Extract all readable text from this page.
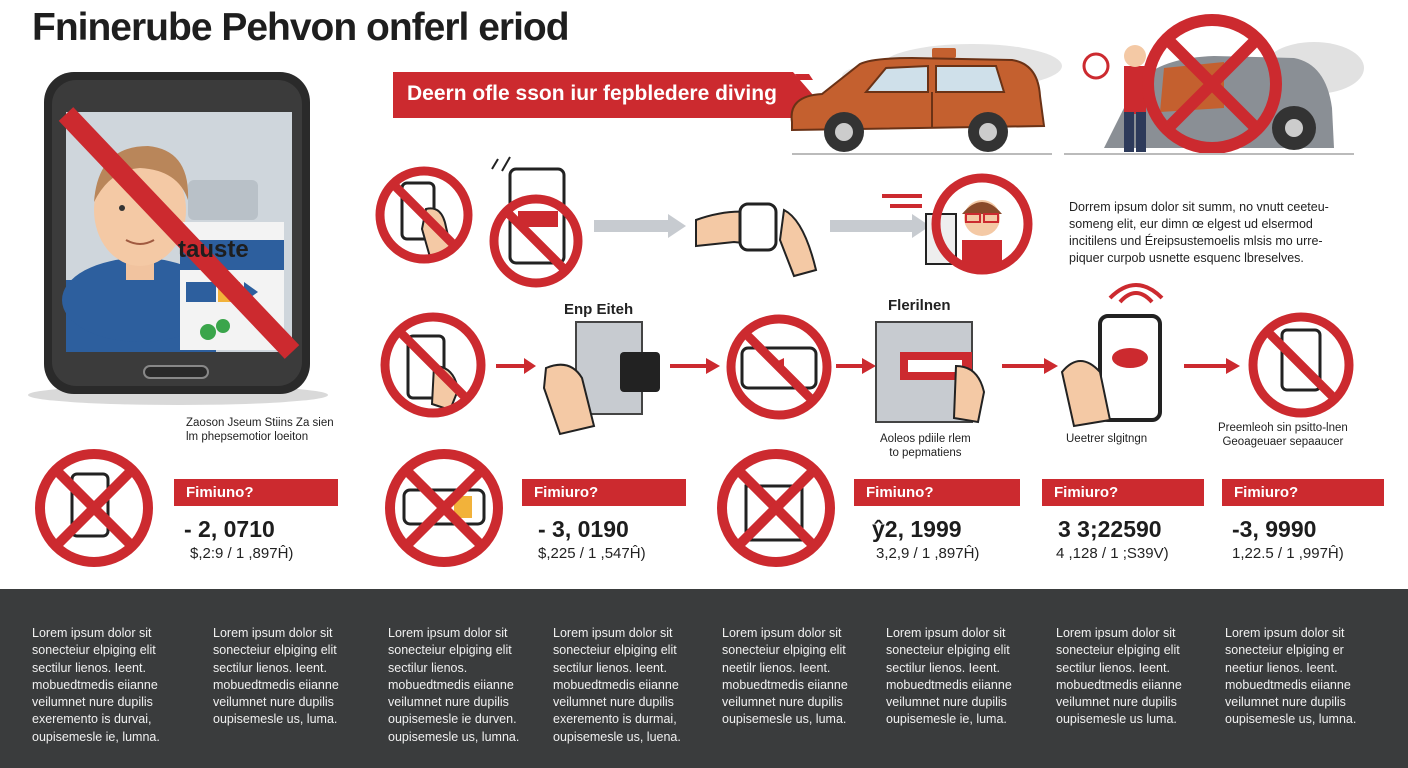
Fninerube Pehvon onferl eriod
Deern ofle sson iur fepbledere diving
tauste
Zaoson Jseum Stiins Za sien
lm phepsemotior loeiton
Dorrem ipsum dolor sit summ, no vnutt ceeteu-
someng elit, eur dimn œ elgest ud elsermod
incitilens und Éreipsustemoelis mlsis mo urre-
piquer curpob usnette esquenc lbreselves.
Enp Eiteh	Flerilnen
Aoleos pdiile rlem
to pepmatiens
Ueetrer slgitngn
Preemleoh sin psitto-lnen
Geoageuaer sepaaucer
Fimiuno?
- 2, 0710
$,2:9 / 1 ,897Ĥ)
Fimiuro?
- 3, 0190
$,225 / 1 ,547Ĥ)
Fimiuno?
ŷ2, 1999
3,2,9 / 1 ,897Ĥ)
Fimiuro?
3 3;22590
4 ,128 / 1 ;S39V)
Fimiuro?
-3, 9990
1,22.5 / 1 ,997Ĥ)
Lorem ipsum dolor sit
sonecteiur elpiging elit
sectilur lienos. Ieent.
mobuedtmedis eiianne
veilumnet nure dupilis
exeremento is durvai,
oupisemesle ie, lumna.
Lorem ipsum dolor sit
sonecteiur elpiging elit
sectilur lienos. Ieent.
mobuedtmedis eiianne
veilumnet nure dupilis
oupisemesle us, luma.
Lorem ipsum dolor sit
sonecteiur elpiging elit
sectilur lienos.
mobuedtmedis eiianne
veilumnet nure dupilis
oupisemesle ie durven.
oupisemesle us, lumna.
Lorem ipsum dolor sit
sonecteiur elpiging elit
sectilur lienos. Ieent.
mobuedtmedis eiianne
veilumnet nure dupilis
exeremento is durmai,
oupisemesle us, luena.
Lorem ipsum dolor sit
sonecteiur elpiging elit
neetilr lienos. Ieent.
mobuedtmedis eiianne
veilumnet nure dupilis
oupisemesle us, luma.
Lorem ipsum dolor sit
sonecteiur elpiging elit
sectilur lienos. Ieent.
mobuedtmedis eiianne
veilumnet nure dupilis
oupisemesle ie, luma.
Lorem ipsum dolor sit
sonecteiur elpiging elit
sectilur lienos. Ieent.
mobuedtmedis eiianne
veilumnet nure dupilis
oupisemesle us luma.
Lorem ipsum dolor sit
sonecteiur elpiging er
neetiur lienos. Ieent.
mobuedtmedis eiianne
veilumnet nure dupilis
oupisemesle us, lumna.
